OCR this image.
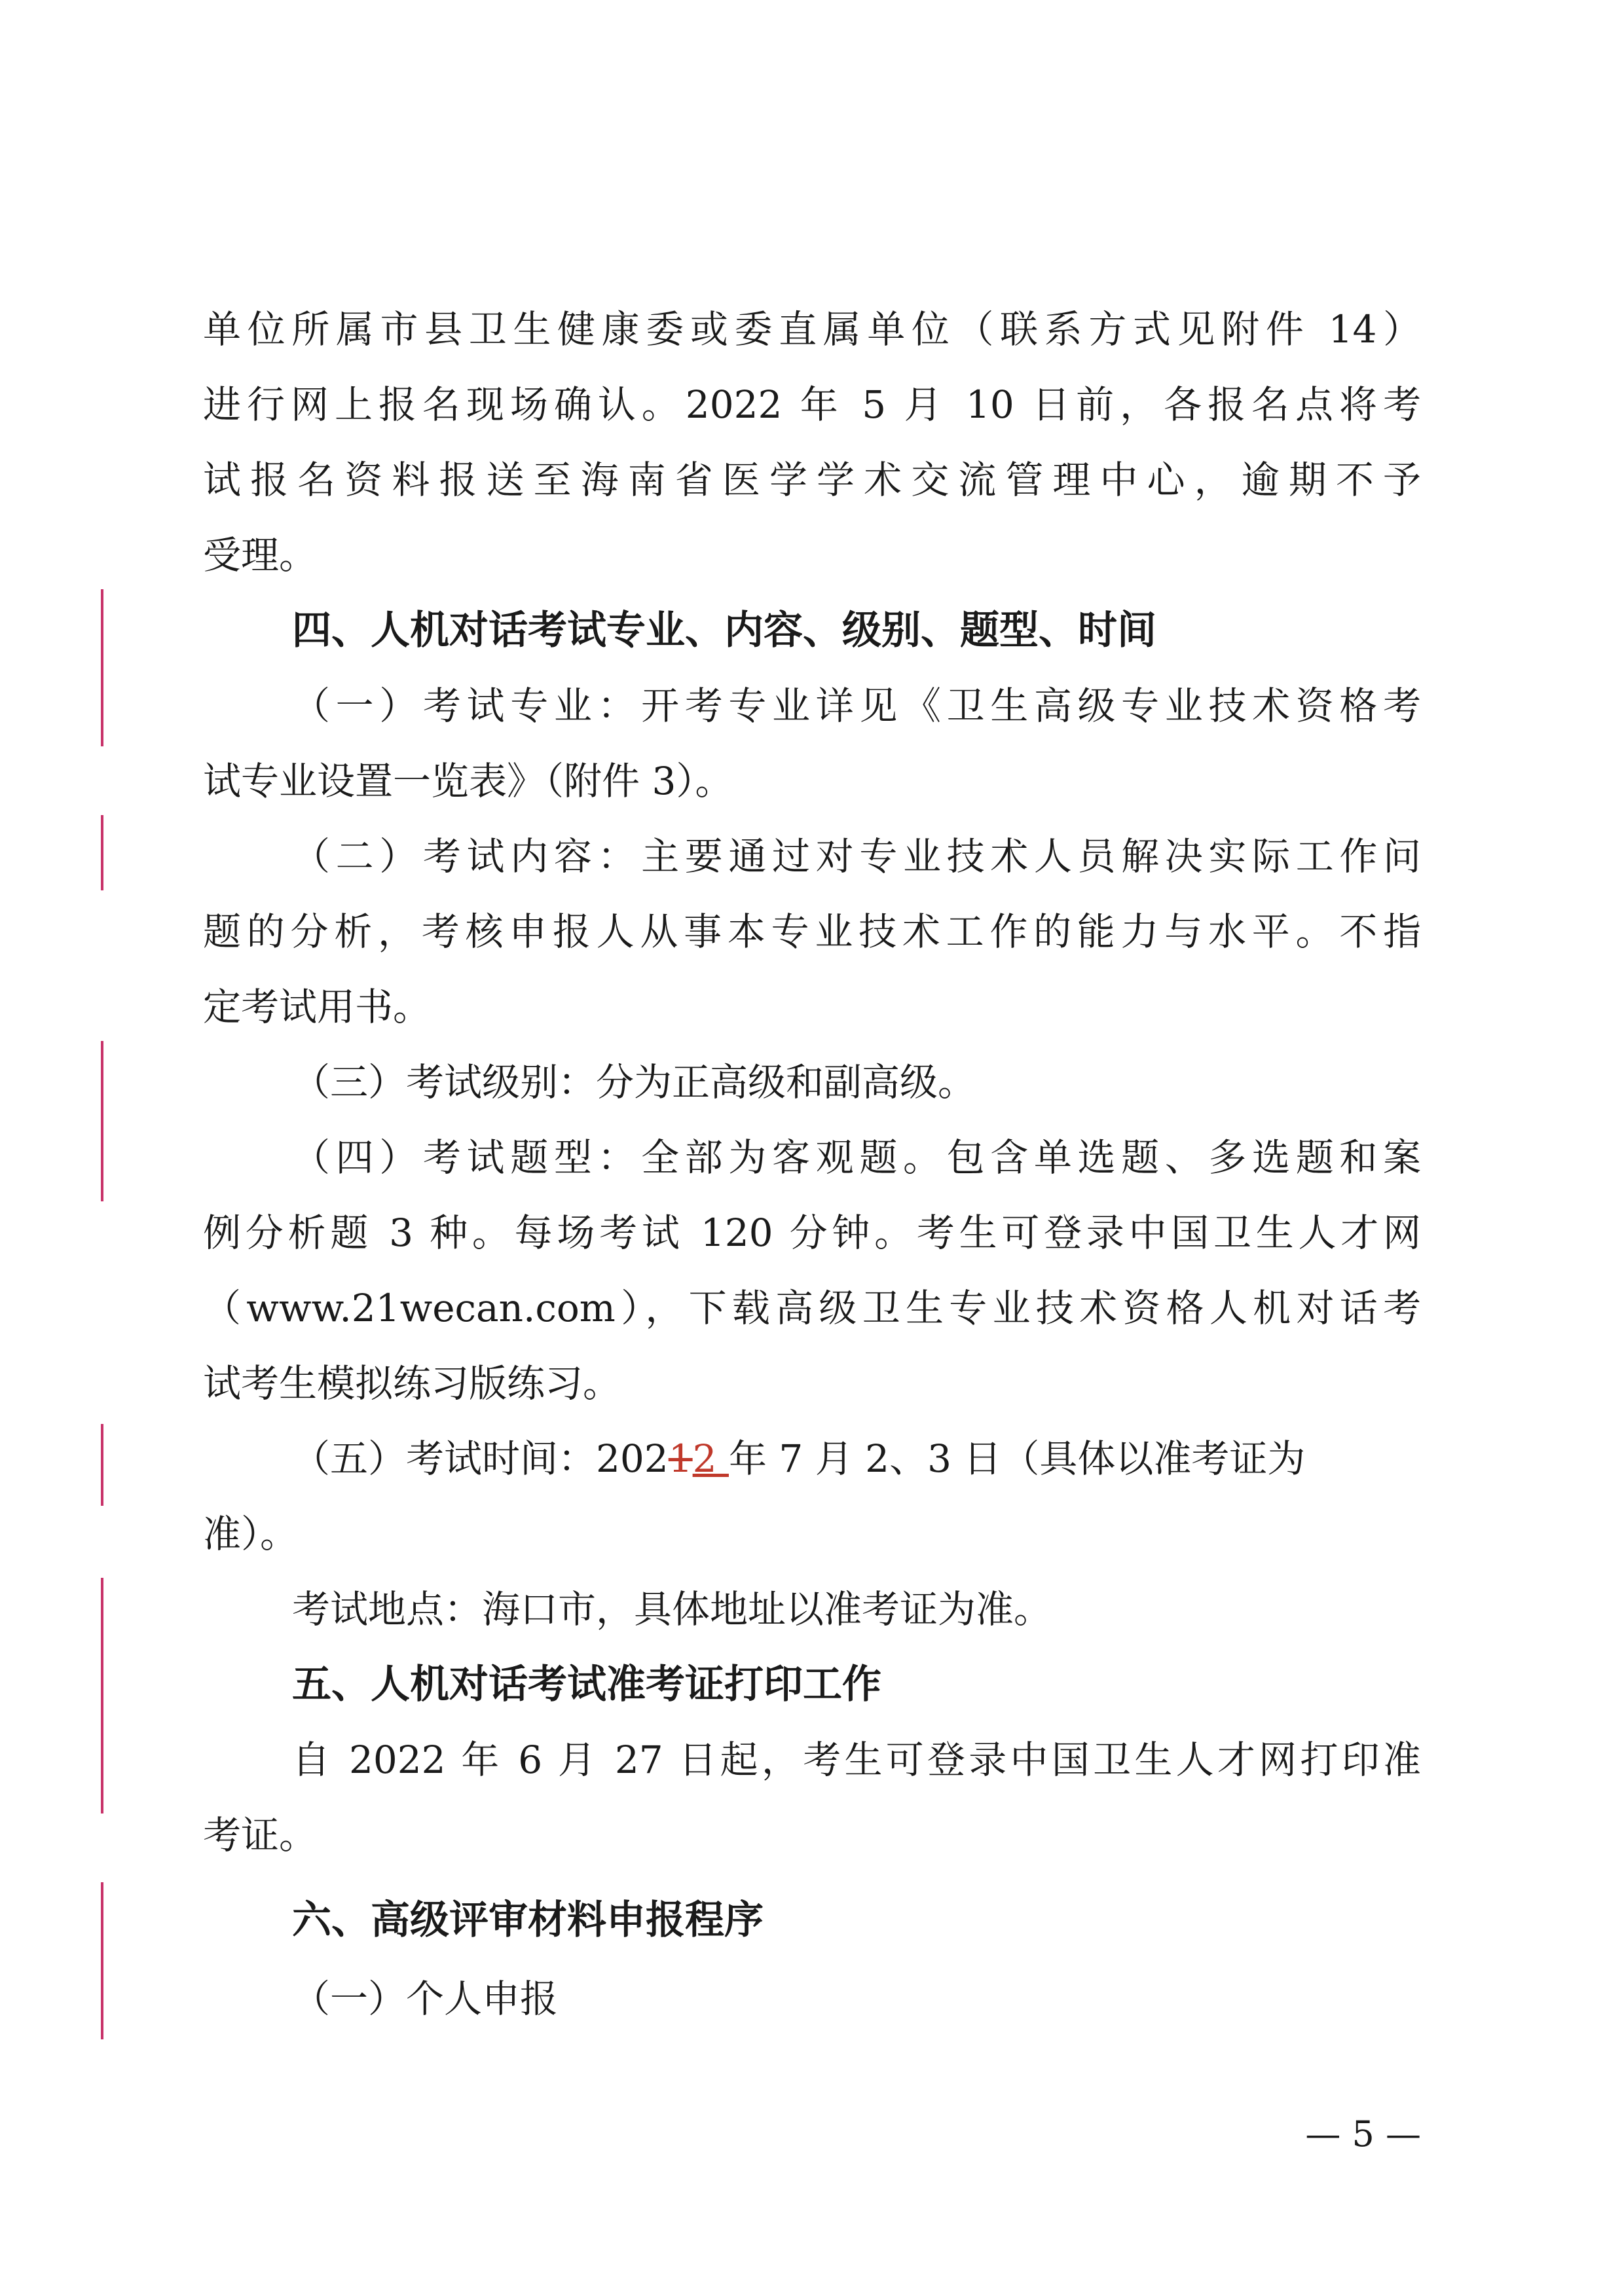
单位所属市县卫生健康委或委直属单位（联系方式见附件 14）
进行网上报名现场确认。2022 年 5 月 10 日前，各报名点将考
试报名资料报送至海南省医学学术交流管理中心，逾期不予
受理。
四、人机对话考试专业、内容、级别、题型、时间
（一）考试专业：开考专业详见《卫生高级专业技术资格考
试专业设置一览表》（附件 3）。
（二）考试内容：主要通过对专业技术人员解决实际工作问
题的分析，考核申报人从事本专业技术工作的能力与水平。不指
定考试用书。
（三）考试级别：分为正高级和副高级。
（四）考试题型：全部为客观题。包含单选题、多选题和案
例分析题 3 种。每场考试 120 分钟。考生可登录中国卫生人才网
（www.21wecan.com），下载高级卫生专业技术资格人机对话考
试考生模拟练习版练习。
（五）考试时间：20212 年 7 月 2、3 日（具体以准考证为
准）。
考试地点：海口市，具体地址以准考证为准。
五、人机对话考试准考证打印工作
自 2022 年 6 月 27 日起，考生可登录中国卫生人才网打印准
考证。
六、高级评审材料申报程序
（一）个人申报
— 5 —
